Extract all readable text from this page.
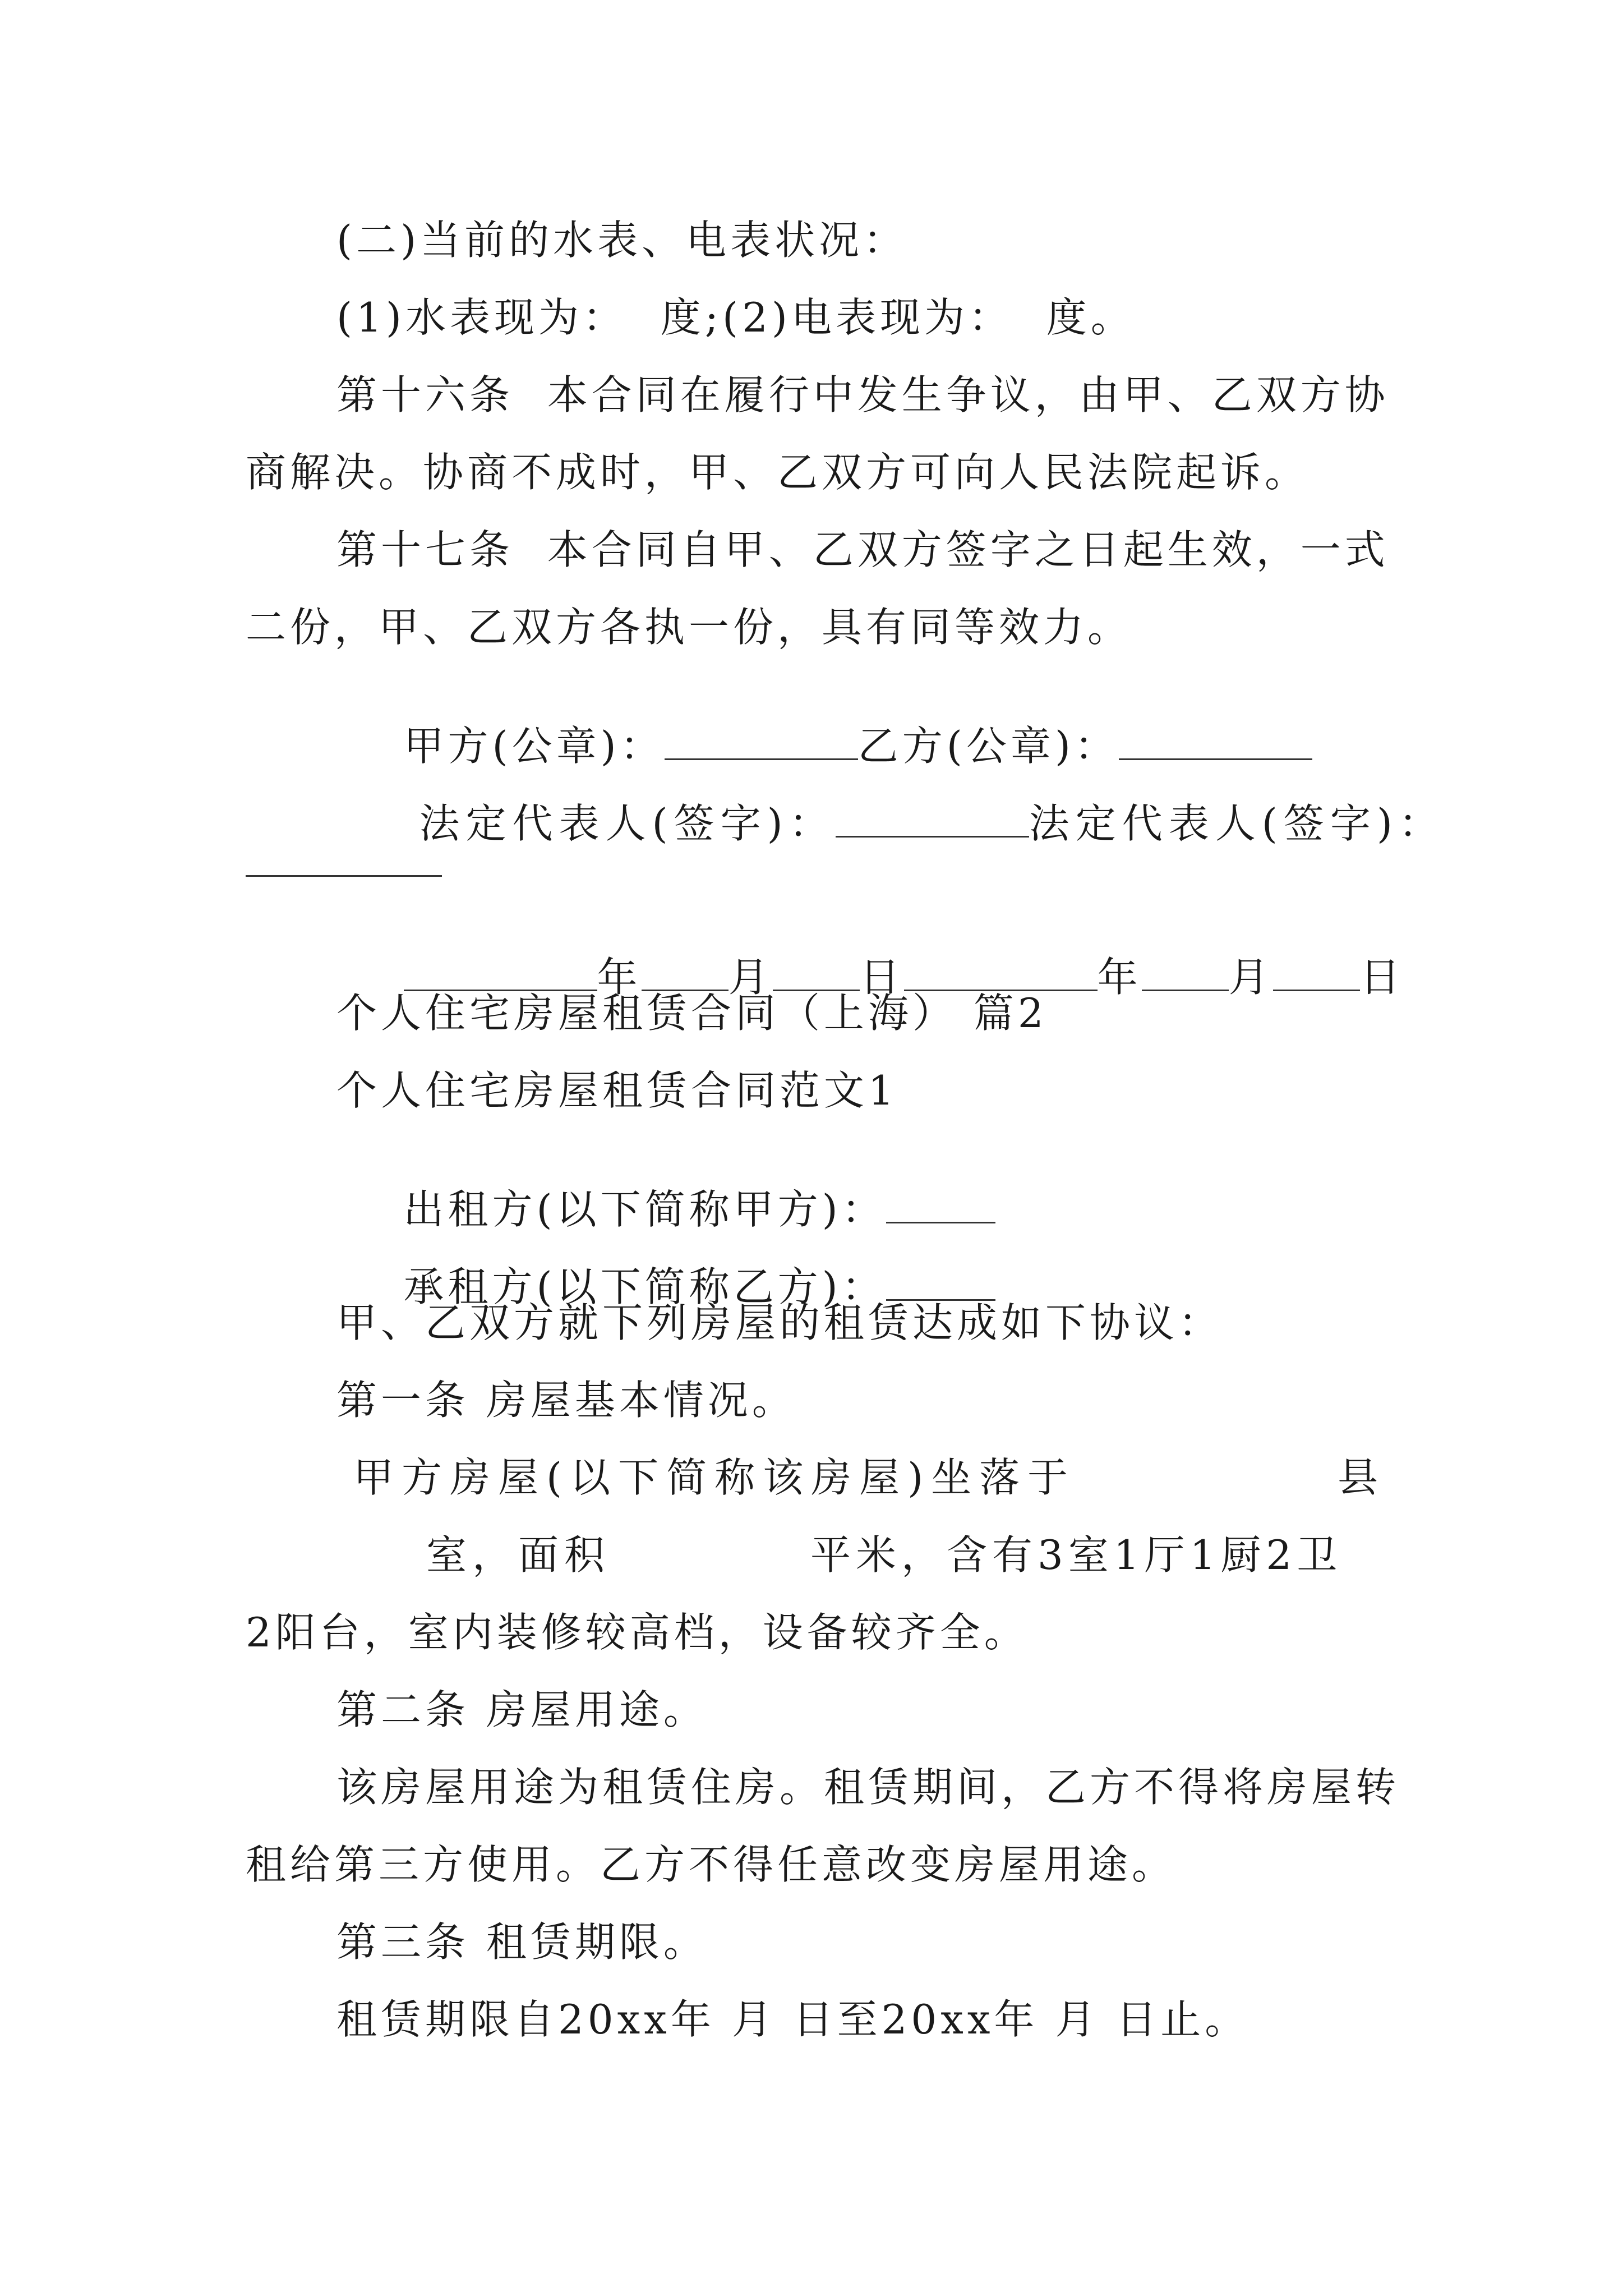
(二)当前的水表、电表状况：
(1)水表现为：  度;(2)电表现为：  度。
第十六条  本合同在履行中发生争议，由甲、乙双方协
商解决。协商不成时，甲、乙双方可向人民法院起诉。
第十七条  本合同自甲、乙双方签字之日起生效，一式
二份，甲、乙双方各执一份，具有同等效力。

甲方(公章)：	乙方(公章)：

法定代表人(签字)：	法定代表人(签字)：

年 月 日	年 月 日

个人住宅房屋租赁合同（上海） 篇2
个人住宅房屋租赁合同范文1

出租方(以下简称甲方)：

承租方(以下简称乙方)：

甲、乙双方就下列房屋的租赁达成如下协议：
第一条 房屋基本情况。
甲方房屋(以下简称该房屋)坐落于	县
室，面积	平米，含有3室1厅1厨2卫
2阳台，室内装修较高档，设备较齐全。
第二条 房屋用途。
该房屋用途为租赁住房。租赁期间，乙方不得将房屋转
租给第三方使用。乙方不得任意改变房屋用途。
第三条 租赁期限。
租赁期限自20xx年 月 日至20xx年 月 日止。
